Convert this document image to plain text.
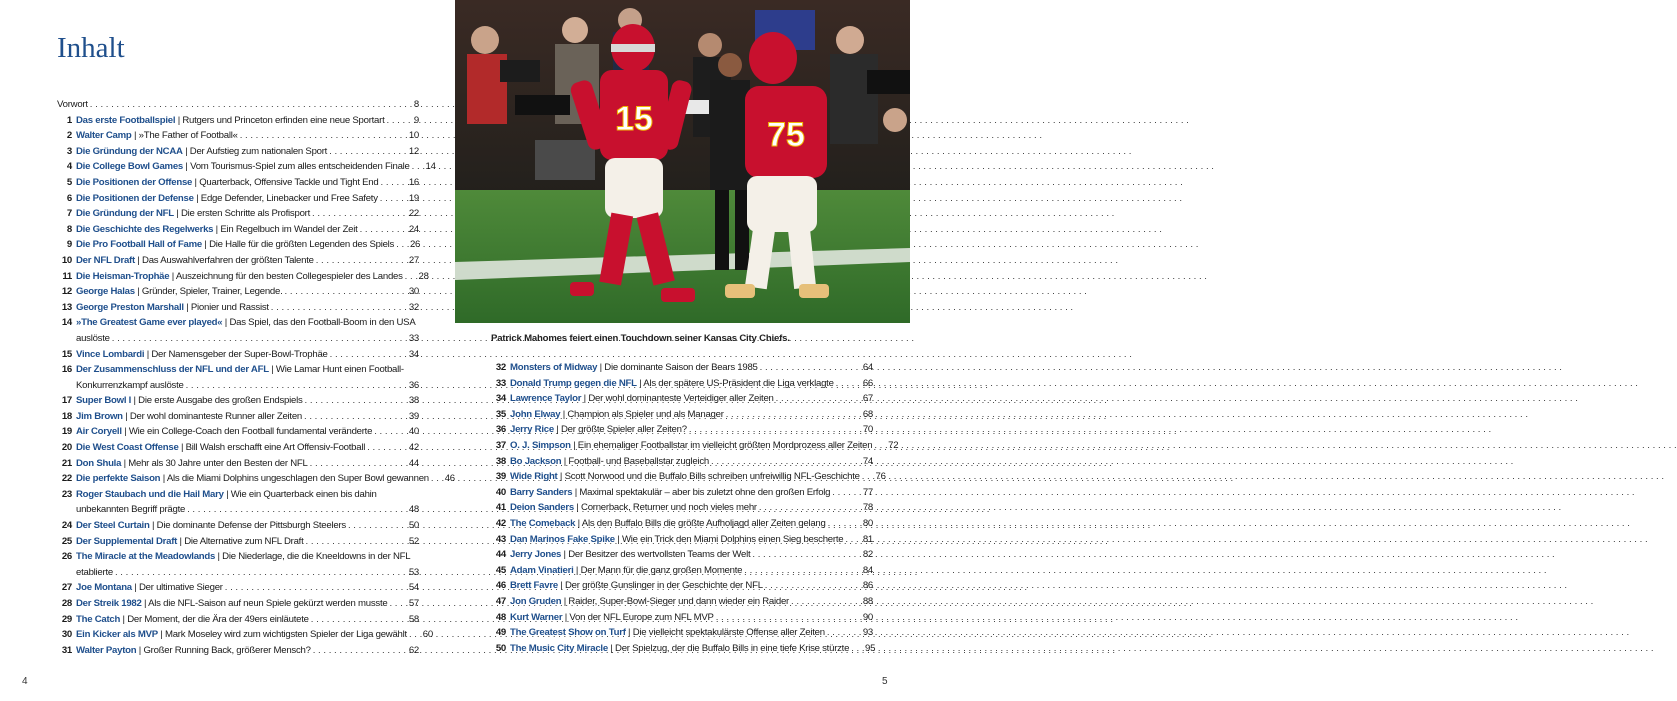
Inhalt
Vorwort . . .	8
1 Das erste Footballspiel | Rutgers und Princeton erfinden eine neue Sportart . . .	9
2 Walter Camp | »The Father of Football« . . .	10
3 Die Gründung der NCAA | Der Aufstieg zum nationalen Sport . . .	12
4 Die College Bowl Games | Vom Tourismus-Spiel zum alles entscheidenden Finale . . .	14
5 Die Positionen der Offense | Quarterback, Offensive Tackle und Tight End . . .	16
6 Die Positionen der Defense | Edge Defender, Linebacker und Free Safety . . .	19
7 Die Gründung der NFL | Die ersten Schritte als Profisport . . .	22
8 Die Geschichte des Regelwerks | Ein Regelbuch im Wandel der Zeit . . .	24
9 Die Pro Football Hall of Fame | Die Halle für die größten Legenden des Spiels . . .	26
10 Der NFL Draft | Das Auswahlverfahren der größten Talente . . .	27
11 Die Heisman-Trophäe | Auszeichnung für den besten Collegespieler des Landes . . .	28
12 George Halas | Gründer, Spieler, Trainer, Legende. . . .	30
13 George Preston Marshall | Pionier und Rassist . . .	32
14 »The Greatest Game ever played« | Das Spiel, das den Football-Boom in den USA
auslöste . . .	33
15 Vince Lombardi | Der Namensgeber der Super-Bowl-Trophäe . . .	34
16 Der Zusammenschluss der NFL und der AFL | Wie Lamar Hunt einen Football-
Konkurrenzkampf auslöste . . .	36
17 Super Bowl I | Die erste Ausgabe des großen Endspiels . . .	38
18 Jim Brown | Der wohl dominanteste Runner aller Zeiten . . .	39
19 Air Coryell | Wie ein College-Coach den Football fundamental veränderte . . .	40
20 Die West Coast Offense | Bill Walsh erschafft eine Art Offensiv-Football . . .	42
21 Don Shula | Mehr als 30 Jahre unter den Besten der NFL . . .	44
22 Die perfekte Saison | Als die Miami Dolphins ungeschlagen den Super Bowl gewannen . . .	46
23 Roger Staubach und die Hail Mary | Wie ein Quarterback einen bis dahin
unbekannten Begriff prägte . . .	48
24 Der Steel Curtain | Die dominante Defense der Pittsburgh Steelers . . .	50
25 Der Supplemental Draft | Die Alternative zum NFL Draft . . .	52
26 The Miracle at the Meadowlands | Die Niederlage, die die Kneeldowns in der NFL
etablierte . . .	53
27 Joe Montana | Der ultimative Sieger . . .	54
28 Der Streik 1982 | Als die NFL-Saison auf neun Spiele gekürzt werden musste . . .	57
29 The Catch | Der Moment, der die Ära der 49ers einläutete . . .	58
30 Ein Kicker als MVP | Mark Moseley wird zum wichtigsten Spieler der Liga gewählt . . .	60
31 Walter Payton | Großer Running Back, größerer Mensch? . . .	62
4
15	75
Patrick Mahomes feiert einen Touchdown seiner Kansas City Chiefs.
32 Monsters of Midway | Die dominante Saison der Bears 1985 . . .	64
33 Donald Trump gegen die NFL | Als der spätere US-Präsident die Liga verklagte . . .	66
34 Lawrence Taylor | Der wohl dominanteste Verteidiger aller Zeiten . . .	67
35 John Elway | Champion als Spieler und als Manager . . .	68
36 Jerry Rice | Der größte Spieler aller Zeiten? . . .	70
37 O. J. Simpson | Ein ehemaliger Footballstar im vielleicht größten Mordprozess aller Zeiten . . .	72
38 Bo Jackson | Football- und Baseballstar zugleich . . .	74
39 Wide Right | Scott Norwood und die Buffalo Bills schreiben unfreiwillig NFL-Geschichte . . .	76
40 Barry Sanders | Maximal spektakulär – aber bis zuletzt ohne den großen Erfolg . . .	77
41 Deion Sanders | Cornerback, Returner und noch vieles mehr . . .	78
42 The Comeback | Als den Buffalo Bills die größte Aufholjagd aller Zeiten gelang . . .	80
43 Dan Marinos Fake Spike | Wie ein Trick den Miami Dolphins einen Sieg bescherte . . .	81
44 Jerry Jones | Der Besitzer des wertvollsten Teams der Welt . . .	82
45 Adam Vinatieri | Der Mann für die ganz großen Momente . . .	84
46 Brett Favre | Der größte Gunslinger in der Geschichte der NFL . . .	86
47 Jon Gruden | Raider, Super-Bowl-Sieger und dann wieder ein Raider . . .	88
48 Kurt Warner | Von der NFL Europe zum NFL MVP . . .	90
49 The Greatest Show on Turf | Die vielleicht spektakulärste Offense aller Zeiten . . .	93
50 The Music City Miracle | Der Spielzug, der die Buffalo Bills in eine tiefe Krise stürzte . . .	95
5
